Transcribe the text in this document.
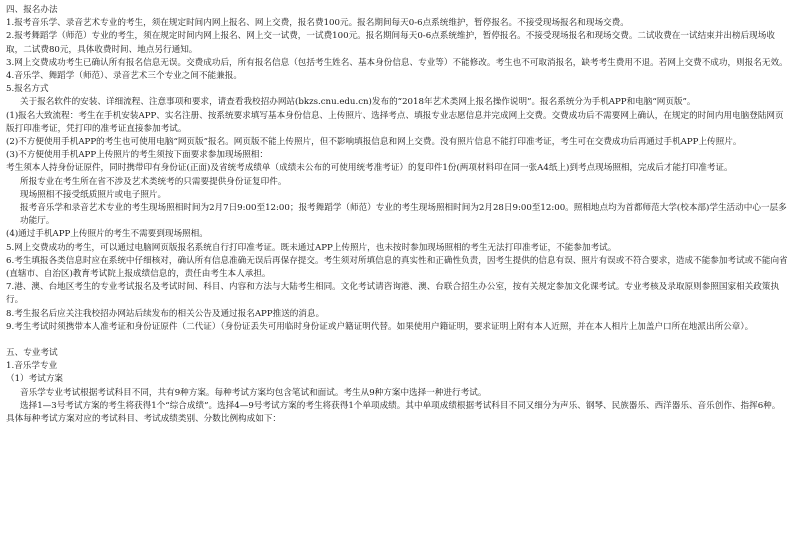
四、报名办法

1.报考音乐学、录音艺术专业的考生，须在规定时间内网上报名、网上交费，报名费100元。报名期间每天0-6点系统维护，暂停报名。不接受现场报名和现场交费。

2.报考舞蹈学（师范）专业的考生，须在规定时间内网上报名、网上交一试费，一试费100元。报名期间每天0-6点系统维护，暂停报名。不接受现场报名和现场交费。二试收费在一试结束并出榜后现场收取，二试费80元，具体收费时间、地点另行通知。

3.网上交费成功考生已确认所有报名信息无误。交费成功后，所有报名信息（包括考生姓名、基本身份信息、专业等）不能修改。考生也不可取消报名，缺考考生费用不退。若网上交费不成功，则报名无效。

4.音乐学、舞蹈学（师范）、录音艺术三个专业之间不能兼报。

5.报名方式

关于报名软件的安装、详细流程、注意事项和要求，请查看我校招办网站(bkzs.cnu.edu.cn)发布的“2018年艺术类网上报名操作说明”。报名系统分为手机APP和电脑“网页版”。

(1)报名大致流程：考生在手机安装APP、实名注册、按系统要求填写基本身份信息、上传照片、选择考点、填报专业志愿信息并完成网上交费。交费成功后不需要网上确认，在规定的时间内用电脑登陆网页版打印准考证，凭打印的准考证直接参加考试。

(2)不方便使用手机APP的考生也可使用电脑“网页版”报名。网页版不能上传照片，但不影响填报信息和网上交费。没有照片信息不能打印准考证，考生可在交费成功后再通过手机APP上传照片。

(3)不方便使用手机APP上传照片的考生须按下面要求参加现场照相：

考生须本人持身份证原件，同时携带印有身份证(正面)及省统考成绩单（成绩未公布的可使用统考准考证）的复印件1份(两项材料印在同一张A4纸上)到考点现场照相，完成后才能打印准考证。

所报专业在考生所在省不涉及艺术类统考的只需要提供身份证复印件。

现场照相不接受纸质照片或电子照片。

报考音乐学和录音艺术专业的考生现场照相时间为2月7日9:00至12:00；报考舞蹈学（师范）专业的考生现场照相时间为2月28日9:00至12:00。照相地点均为首都师范大学(校本部)学生活动中心一层多功能厅。

(4)通过手机APP上传照片的考生不需要到现场照相。

5.网上交费成功的考生，可以通过电脑网页版报名系统自行打印准考证。既未通过APP上传照片，也未按时参加现场照相的考生无法打印准考证，不能参加考试。

6.考生填报各类信息时应在系统中仔细核对，确认所有信息准确无误后再保存提交。考生须对所填信息的真实性和正确性负责，因考生提供的信息有误、照片有误或不符合要求，造成不能参加考试或不能向省(直辖市、自治区)教育考试院上报成绩信息的，责任由考生本人承担。

7.港、澳、台地区考生的专业考试报名及考试时间、科目、内容和方法与大陆考生相同。文化考试请咨询港、澳、台联合招生办公室，按有关规定参加文化课考试。专业考核及录取原则参照国家相关政策执行。

8.考生报名后应关注我校招办网站后续发布的相关公告及通过报名APP推送的消息。

9.考生考试时须携带本人准考证和身份证原件（二代证）（身份证丢失可用临时身份证或户籍证明代替。如果使用户籍证明，要求证明上附有本人近照，并在本人相片上加盖户口所在地派出所公章）。

五、专业考试

1.音乐学专业

（1）考试方案

音乐学专业考试根据考试科目不同，共有9种方案。每种考试方案均包含笔试和面试。考生从9种方案中选择一种进行考试。

选择1—3号考试方案的考生将获得1个“综合成绩”。选择4—9号考试方案的考生将获得1个单项成绩。其中单项成绩根据考试科目不同又细分为声乐、钢琴、民族器乐、西洋器乐、音乐创作、指挥6种。

具体每种考试方案对应的考试科目、考试成绩类别、分数比例构成如下：
